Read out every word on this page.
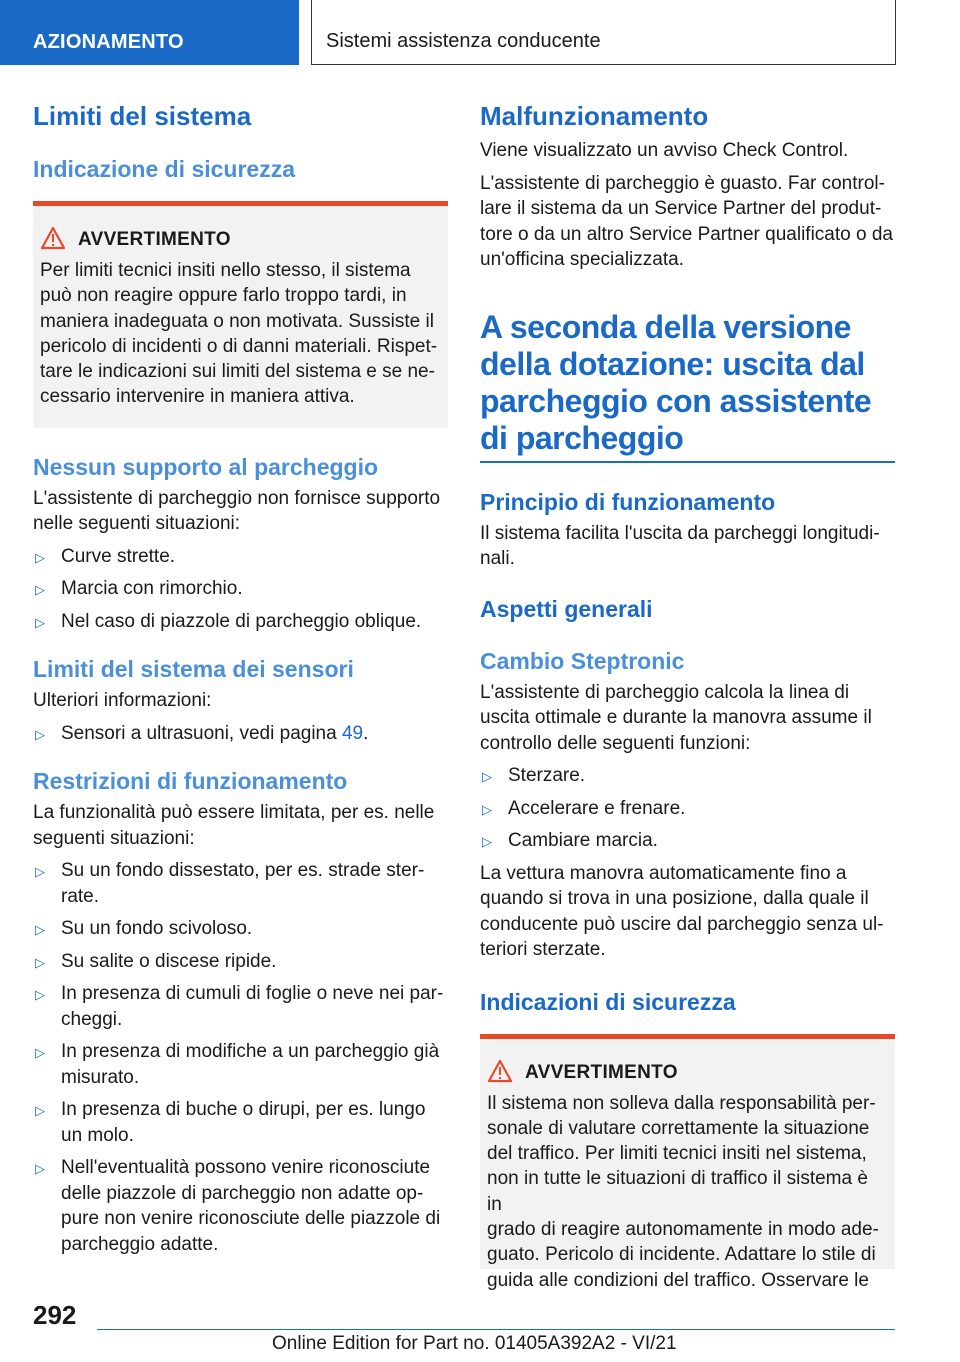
AZIONAMENTO	Sistemi assistenza conducente
Limiti del sistema
Indicazione di sicurezza
AVVERTIMENTO

Per limiti tecnici insiti nello stesso, il sistema
può non reagire oppure farlo troppo tardi, in
maniera inadeguata o non motivata. Sussiste il
pericolo di incidenti o di danni materiali. Rispet-
tare le indicazioni sui limiti del sistema e se ne-
cessario intervenire in maniera attiva.

Nessun supporto al parcheggio

L'assistente di parcheggio non fornisce supporto
nelle seguenti situazioni:

▷ Curve strette.
▷ Marcia con rimorchio.
▷ Nel caso di piazzole di parcheggio oblique.
Limiti del sistema dei sensori

Ulteriori informazioni:

▷ Sensori a ultrasuoni, vedi pagina 49.
Restrizioni di funzionamento

La funzionalità può essere limitata, per es. nelle
seguenti situazioni:

▷ Su un fondo dissestato, per es. strade ster-
rate.
▷ Su un fondo scivoloso.
▷ Su salite o discese ripide.
▷ In presenza di cumuli di foglie o neve nei par-
cheggi.
▷ In presenza di modifiche a un parcheggio già
misurato.
▷ In presenza di buche o dirupi, per es. lungo
un molo.
▷ Nell'eventualità possono venire riconosciute
delle piazzole di parcheggio non adatte op-
pure non venire riconosciute delle piazzole di
parcheggio adatte.
Malfunzionamento

Viene visualizzato un avviso Check Control.

L'assistente di parcheggio è guasto. Far control-
lare il sistema da un Service Partner del produt-
tore o da un altro Service Partner qualificato o da
un'officina specializzata.

A seconda della versione
della dotazione: uscita dal
parcheggio con assistente
di parcheggio
Principio di funzionamento

Il sistema facilita l'uscita da parcheggi longitudi-
nali.

Aspetti generali
Cambio Steptronic

L'assistente di parcheggio calcola la linea di
uscita ottimale e durante la manovra assume il
controllo delle seguenti funzioni:

▷ Sterzare.
▷ Accelerare e frenare.
▷ Cambiare marcia.

La vettura manovra automaticamente fino a
quando si trova in una posizione, dalla quale il
conducente può uscire dal parcheggio senza ul-
teriori sterzate.

Indicazioni di sicurezza
AVVERTIMENTO

Il sistema non solleva dalla responsabilità per-
sonale di valutare correttamente la situazione
del traffico. Per limiti tecnici insiti nel sistema,
non in tutte le situazioni di traffico il sistema è in
grado di reagire autonomamente in modo ade-
guato. Pericolo di incidente. Adattare lo stile di
guida alle condizioni del traffico. Osservare le

292
Online Edition for Part no. 01405A392A2 - VI/21
